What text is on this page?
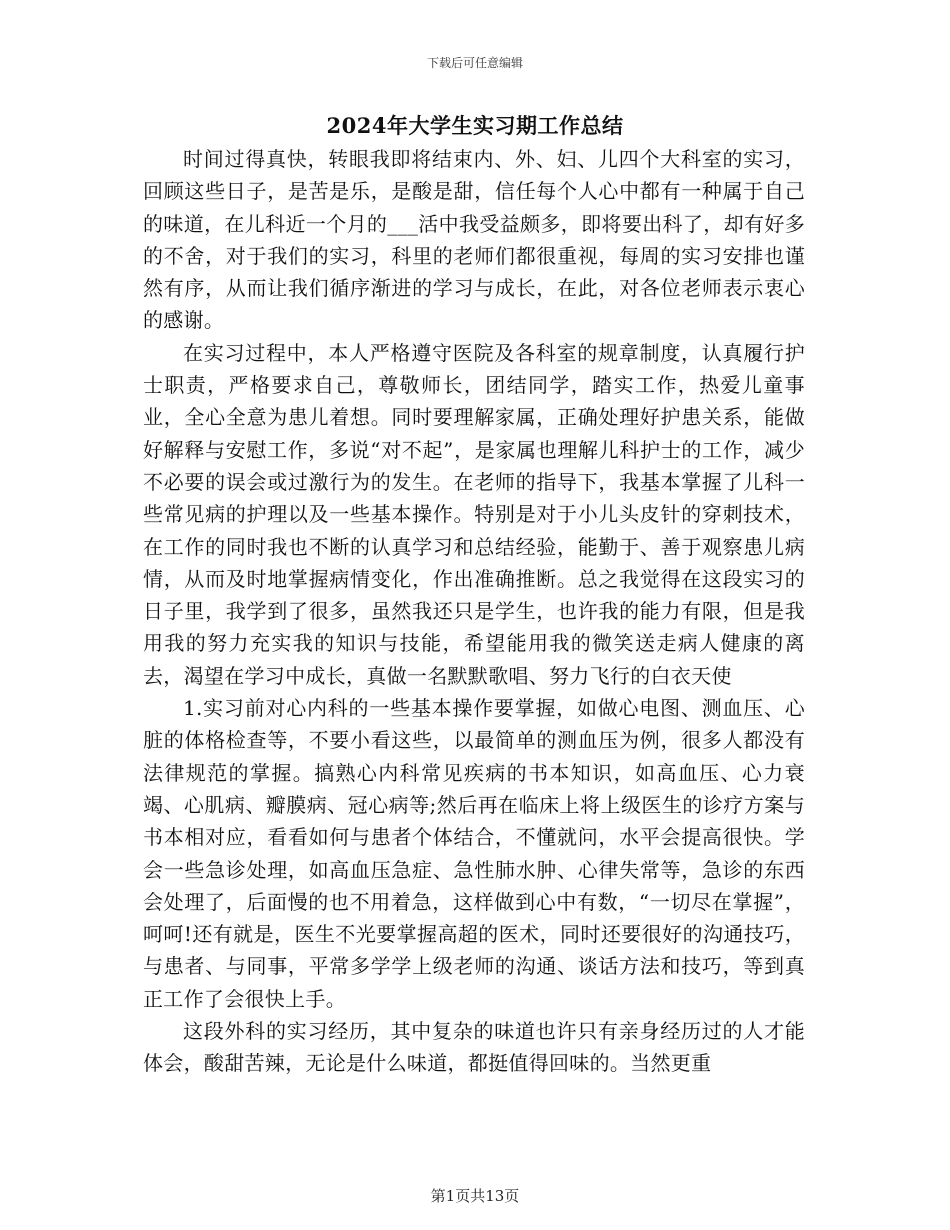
下载后可任意编辑
2024年大学生实习期工作总结

时间过得真快，转眼我即将结束内、外、妇、儿四个大科室的实习，回顾这些日子，是苦是乐，是酸是甜，信任每个人心中都有一种属于自己的味道，在儿科近一个月的___活中我受益颇多，即将要出科了，却有好多的不舍，对于我们的实习，科里的老师们都很重视，每周的实习安排也谨然有序，从而让我们循序渐进的学习与成长，在此，对各位老师表示衷心的感谢。

在实习过程中，本人严格遵守医院及各科室的规章制度，认真履行护士职责，严格要求自己，尊敬师长，团结同学，踏实工作，热爱儿童事业，全心全意为患儿着想。同时要理解家属，正确处理好护患关系，能做好解释与安慰工作，多说“对不起”，是家属也理解儿科护士的工作，减少不必要的误会或过激行为的发生。在老师的指导下，我基本掌握了儿科一些常见病的护理以及一些基本操作。特别是对于小儿头皮针的穿刺技术，在工作的同时我也不断的认真学习和总结经验，能勤于、善于观察患儿病情，从而及时地掌握病情变化，作出准确推断。总之我觉得在这段实习的日子里，我学到了很多，虽然我还只是学生，也许我的能力有限，但是我用我的努力充实我的知识与技能，希望能用我的微笑送走病人健康的离去，渴望在学习中成长，真做一名默默歌唱、努力飞行的白衣天使

1.实习前对心内科的一些基本操作要掌握，如做心电图、测血压、心脏的体格检查等，不要小看这些，以最简单的测血压为例，很多人都没有法律规范的掌握。搞熟心内科常见疾病的书本知识，如高血压、心力衰竭、心肌病、瓣膜病、冠心病等;然后再在临床上将上级医生的诊疗方案与书本相对应，看看如何与患者个体结合，不懂就问，水平会提高很快。学会一些急诊处理，如高血压急症、急性肺水肿、心律失常等，急诊的东西会处理了，后面慢的也不用着急，这样做到心中有数，“一切尽在掌握”，呵呵!还有就是，医生不光要掌握高超的医术，同时还要很好的沟通技巧，与患者、与同事，平常多学学上级老师的沟通、谈话方法和技巧，等到真正工作了会很快上手。

这段外科的实习经历，其中复杂的味道也许只有亲身经历过的人才能体会，酸甜苦辣，无论是什么味道，都挺值得回味的。当然更重

第1页共13页
